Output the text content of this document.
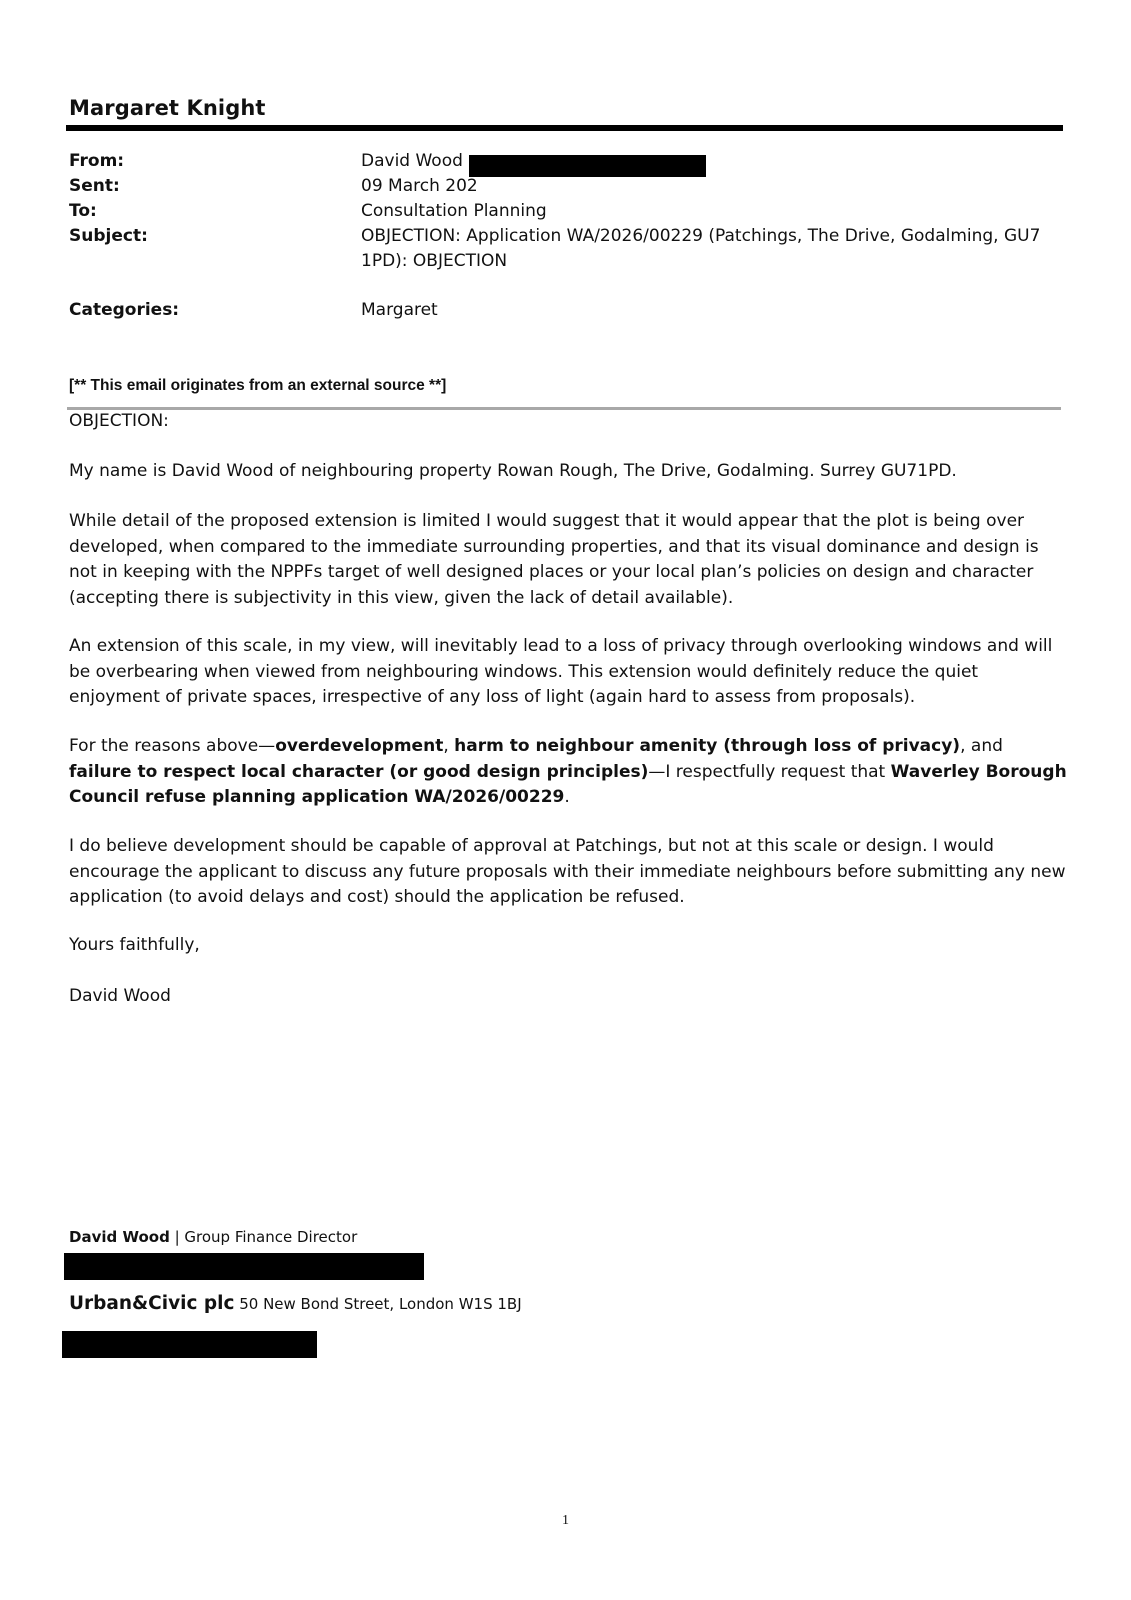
Margaret Knight
From:	David Wood
Sent:	09 March 202
To:	Consultation Planning
Subject:	OBJECTION: Application WA/2026/00229 (Patchings, The Drive, Godalming, GU7 1PD): OBJECTION
Categories:	Margaret
[** This email originates from an external source **]

OBJECTION:

My name is David Wood of neighbouring property Rowan Rough, The Drive, Godalming. Surrey GU71PD.

While detail of the proposed extension is limited I would suggest that it would appear that the plot is being over developed, when compared to the immediate surrounding properties, and that its visual dominance and design is not in keeping with the NPPFs target of well designed places or your local plan’s policies on design and character (accepting there is subjectivity in this view, given the lack of detail available).

An extension of this scale, in my view, will inevitably lead to a loss of privacy through overlooking windows and will be overbearing when viewed from neighbouring windows. This extension would definitely reduce the quiet enjoyment of private spaces, irrespective of any loss of light (again hard to assess from proposals).

For the reasons above—overdevelopment, harm to neighbour amenity (through loss of privacy), and failure to respect local character (or good design principles)—I respectfully request that Waverley Borough Council refuse planning application WA/2026/00229.

I do believe development should be capable of approval at Patchings, but not at this scale or design. I would encourage the applicant to discuss any future proposals with their immediate neighbours before submitting any new application (to avoid delays and cost) should the application be refused.

Yours faithfully,

David Wood

David Wood | Group Finance Director
Urban&Civic plc 50 New Bond Street, London W1S 1BJ
1
